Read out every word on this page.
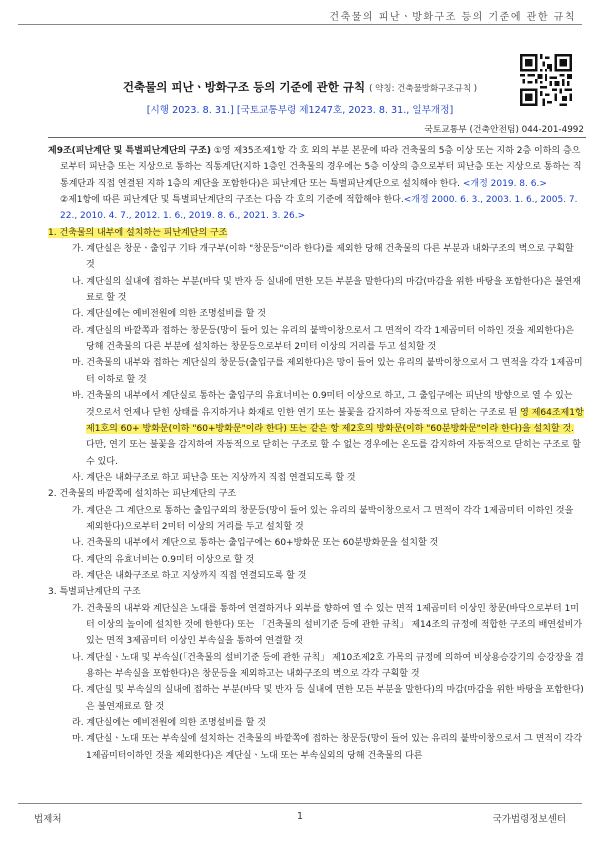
건축물의 피난ㆍ방화구조 등의 기준에 관한 규칙
건축물의 피난ㆍ방화구조 등의 기준에 관한 규칙 ( 약칭: 건축물방화구조규칙 )
[시행 2023. 8. 31.] [국토교통부령 제1247호, 2023. 8. 31., 일부개정]
국토교통부 (건축안전팀) 044-201-4992

제9조(피난계단 및 특별피난계단의 구조) ①영 제35조제1항 각 호 외의 부분 본문에 따라 건축물의 5층 이상 또는 지하 2층 이하의 층으로부터 피난층 또는 지상으로 통하는 직통계단(지하 1층인 건축물의 경우에는 5층 이상의 층으로부터 피난층 또는 지상으로 통하는 직통계단과 직접 연결된 지하 1층의 계단을 포함한다)은 피난계단 또는 특별피난계단으로 설치해야 한다. <개정 2019. 8. 6.>

②제1항에 따른 피난계단 및 특별피난계단의 구조는 다음 각 호의 기준에 적합해야 한다.<개정 2000. 6. 3., 2003. 1. 6., 2005. 7. 22., 2010. 4. 7., 2012. 1. 6., 2019. 8. 6., 2021. 3. 26.>

1. 건축물의 내부에 설치하는 피난계단의 구조

가. 계단실은 창문ㆍ출입구 기타 개구부(이하 "창문등"이라 한다)를 제외한 당해 건축물의 다른 부분과 내화구조의 벽으로 구획할 것

나. 계단실의 실내에 접하는 부분(바닥 및 반자 등 실내에 면한 모든 부분을 말한다)의 마감(마감을 위한 바탕을 포함한다)은 불연재료로 할 것

다. 계단실에는 예비전원에 의한 조명설비를 할 것

라. 계단실의 바깥쪽과 접하는 창문등(망이 들어 있는 유리의 붙박이창으로서 그 면적이 각각 1제곱미터 이하인 것을 제외한다)은 당해 건축물의 다른 부분에 설치하는 창문등으로부터 2미터 이상의 거리를 두고 설치할 것

마. 건축물의 내부와 접하는 계단실의 창문등(출입구를 제외한다)은 망이 들어 있는 유리의 붙박이창으로서 그 면적을 각각 1제곱미터 이하로 할 것

바. 건축물의 내부에서 계단실로 통하는 출입구의 유효너비는 0.9미터 이상으로 하고, 그 출입구에는 피난의 방향으로 열 수 있는 것으로서 언제나 닫힌 상태를 유지하거나 화재로 인한 연기 또는 불꽃을 감지하여 자동적으로 닫히는 구조로 된 영 제64조제1항제1호의 60+ 방화문(이하 "60+방화문"이라 한다) 또는 같은 항 제2호의 방화문(이하 "60분방화문"이라 한다)을 설치할 것. 다만, 연기 또는 불꽃을 감지하여 자동적으로 닫히는 구조로 할 수 없는 경우에는 온도를 감지하여 자동적으로 닫히는 구조로 할 수 있다.

사. 계단은 내화구조로 하고 피난층 또는 지상까지 직접 연결되도록 할 것

2. 건축물의 바깥쪽에 설치하는 피난계단의 구조

가. 계단은 그 계단으로 통하는 출입구외의 창문등(망이 들어 있는 유리의 붙박이창으로서 그 면적이 각각 1제곱미터 이하인 것을 제외한다)으로부터 2미터 이상의 거리를 두고 설치할 것

나. 건축물의 내부에서 계단으로 통하는 출입구에는 60+방화문 또는 60분방화문을 설치할 것

다. 계단의 유효너비는 0.9미터 이상으로 할 것

라. 계단은 내화구조로 하고 지상까지 직접 연결되도록 할 것

3. 특별피난계단의 구조

가. 건축물의 내부와 계단실은 노대를 통하여 연결하거나 외부를 향하여 열 수 있는 면적 1제곱미터 이상인 창문(바닥으로부터 1미터 이상의 높이에 설치한 것에 한한다) 또는 「건축물의 설비기준 등에 관한 규칙」 제14조의 규정에 적합한 구조의 배연설비가 있는 면적 3제곱미터 이상인 부속실을 통하여 연결할 것

나. 계단실ㆍ노대 및 부속실(「건축물의 설비기준 등에 관한 규칙」 제10조제2호 가목의 규정에 의하여 비상용승강기의 승강장을 겸용하는 부속실을 포함한다)은 창문등을 제외하고는 내화구조의 벽으로 각각 구획할 것

다. 계단실 및 부속실의 실내에 접하는 부분(바닥 및 반자 등 실내에 면한 모든 부분을 말한다)의 마감(마감을 위한 바탕을 포함한다)은 불연재료로 할 것

라. 계단실에는 예비전원에 의한 조명설비를 할 것

마. 계단실ㆍ노대 또는 부속실에 설치하는 건축물의 바깥쪽에 접하는 창문등(망이 들어 있는 유리의 붙박이창으로서 그 면적이 각각 1제곱미터이하인 것을 제외한다)은 계단실ㆍ노대 또는 부속실외의 당해 건축물의 다른

법제처	1	국가법령정보센터
